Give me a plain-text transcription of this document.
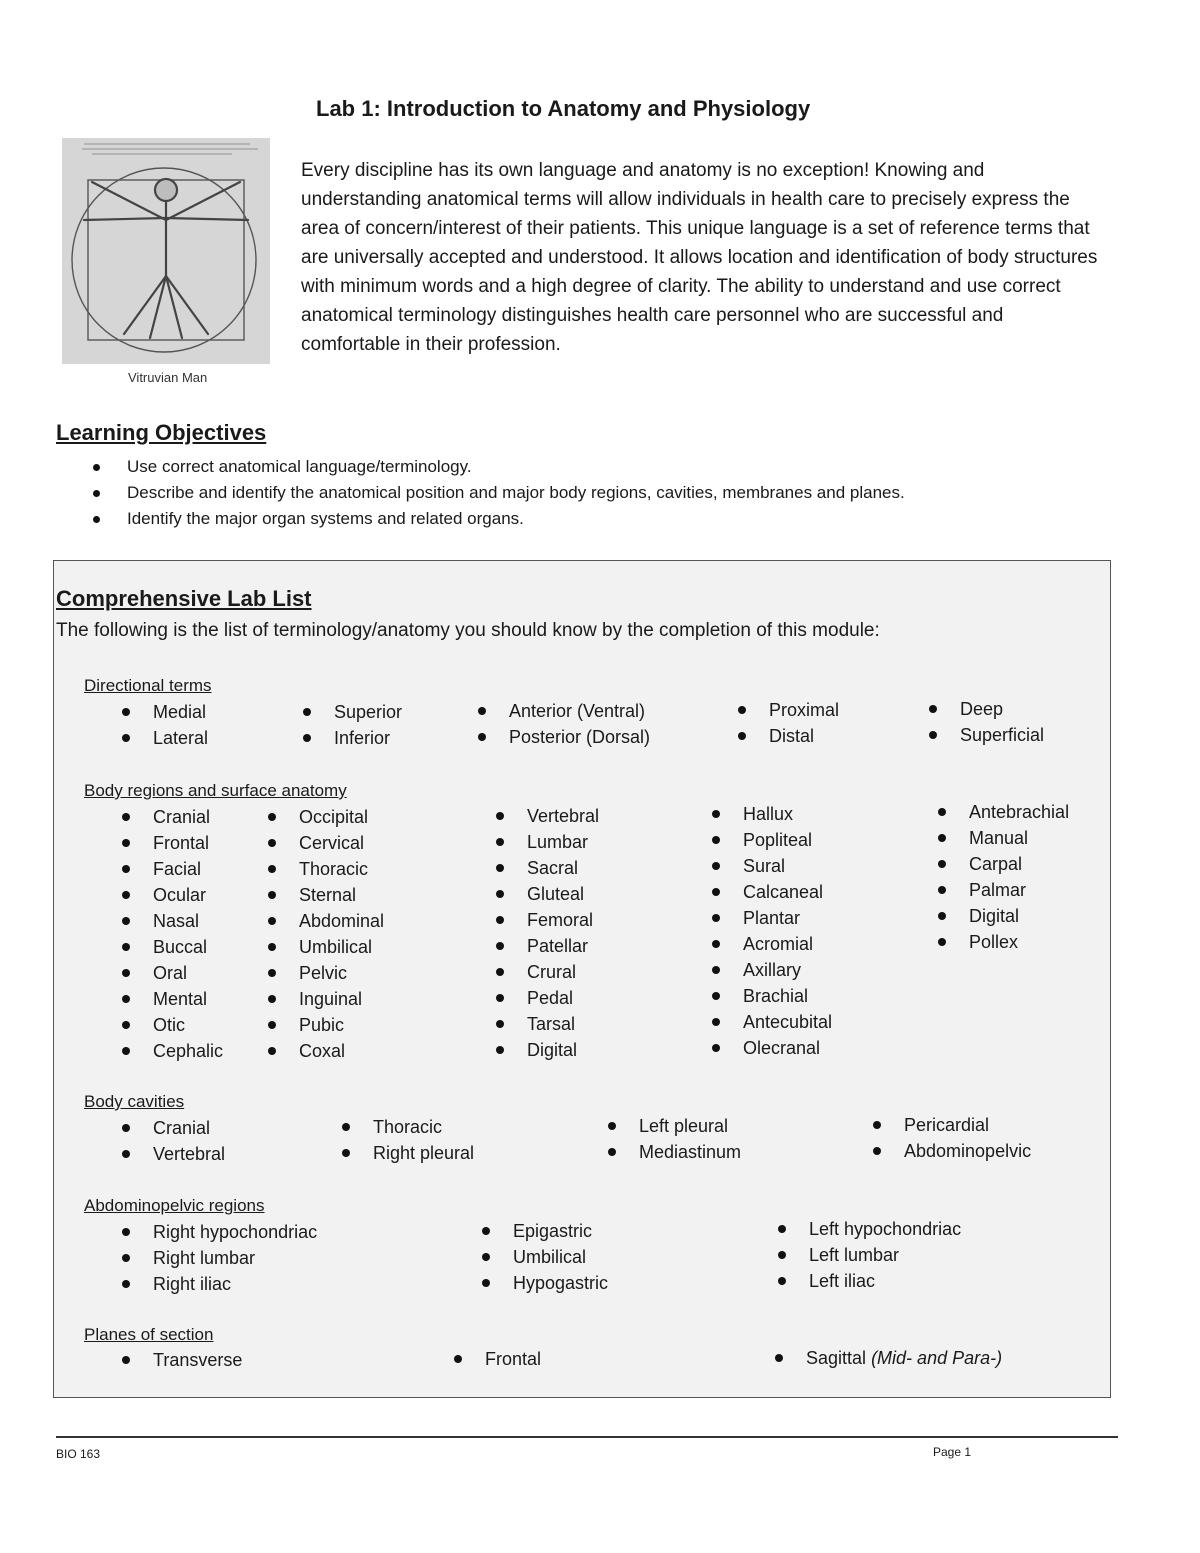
Lab 1: Introduction to Anatomy and Physiology
Vitruvian Man
Every discipline has its own language and anatomy is no exception! Knowing and understanding anatomical terms will allow individuals in health care to precisely express the area of concern/interest of their patients. This unique language is a set of reference terms that are universally accepted and understood. It allows location and identification of body structures with minimum words and a high degree of clarity. The ability to understand and use correct anatomical terminology distinguishes health care personnel who are successful and comfortable in their profession.
Learning Objectives
Use correct anatomical language/terminology.
Describe and identify the anatomical position and major body regions, cavities, membranes and planes.
Identify the major organ systems and related organs.
Comprehensive Lab List
The following is the list of terminology/anatomy you should know by the completion of this module:
Directional terms
Medial
Lateral
Superior
Inferior
Anterior (Ventral)
Posterior (Dorsal)
Proximal
Distal
Deep
Superficial
Body regions and surface anatomy
Cranial
Frontal
Facial
Ocular
Nasal
Buccal
Oral
Mental
Otic
Cephalic
Occipital
Cervical
Thoracic
Sternal
Abdominal
Umbilical
Pelvic
Inguinal
Pubic
Coxal
Vertebral
Lumbar
Sacral
Gluteal
Femoral
Patellar
Crural
Pedal
Tarsal
Digital
Hallux
Popliteal
Sural
Calcaneal
Plantar
Acromial
Axillary
Brachial
Antecubital
Olecranal
Antebrachial
Manual
Carpal
Palmar
Digital
Pollex
Body cavities
Cranial
Vertebral
Thoracic
Right pleural
Left pleural
Mediastinum
Pericardial
Abdominopelvic
Abdominopelvic regions
Right hypochondriac
Right lumbar
Right iliac
Epigastric
Umbilical
Hypogastric
Left hypochondriac
Left lumbar
Left iliac
Planes of section
Transverse	Frontal	Sagittal (Mid- and Para-)
BIO 163	Page 1
